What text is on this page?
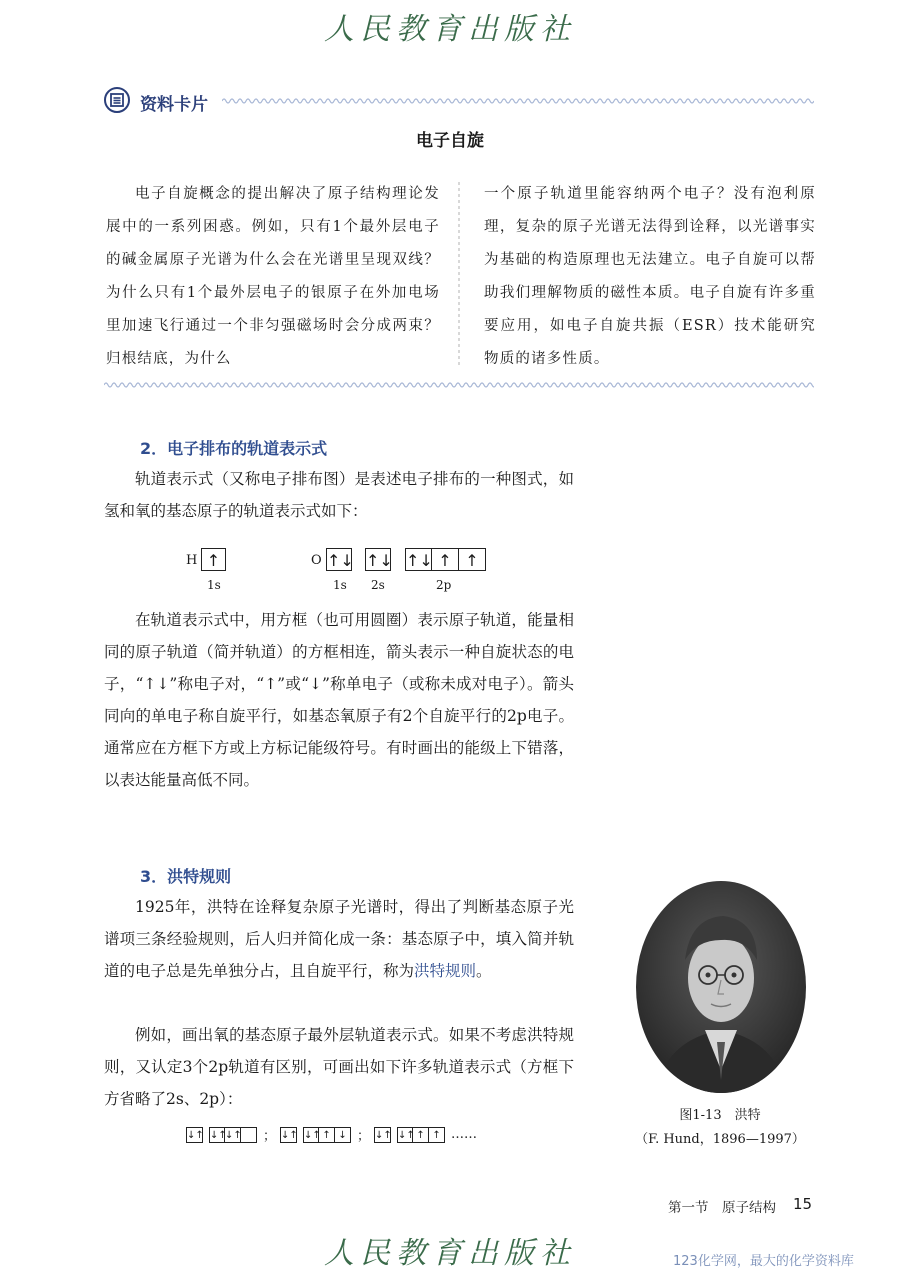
人民教育出版社
资料卡片
电子自旋
电子自旋概念的提出解决了原子结构理论发展中的一系列困惑。例如，只有1个最外层电子的碱金属原子光谱为什么会在光谱里呈现双线？为什么只有1个最外层电子的银原子在外加电场里加速飞行通过一个非匀强磁场时会分成两束？归根结底，为什么
一个原子轨道里能容纳两个电子？没有泡利原理，复杂的原子光谱无法得到诠释，以光谱事实为基础的构造原理也无法建立。电子自旋可以帮助我们理解物质的磁性本质。电子自旋有许多重要应用，如电子自旋共振（ESR）技术能研究物质的诸多性质。
2．电子排布的轨道表示式
轨道表示式（又称电子排布图）是表述电子排布的一种图式，如氢和氧的基态原子的轨道表示式如下：
H ↑
1s
O ↑↓
1s
↑↓
2s
↑↓ ↑ ↑
2p
在轨道表示式中，用方框（也可用圆圈）表示原子轨道，能量相同的原子轨道（简并轨道）的方框相连，箭头表示一种自旋状态的电子，“↑↓”称电子对，“↑”或“↓”称单电子（或称未成对电子）。箭头同向的单电子称自旋平行，如基态氧原子有2个自旋平行的2p电子。通常应在方框下方或上方标记能级符号。有时画出的能级上下错落，以表达能量高低不同。
3．洪特规则
1925年，洪特在诠释复杂原子光谱时，得出了判断基态原子光谱项三条经验规则，后人归并简化成一条：基态原子中，填入简并轨道的电子总是先单独分占，且自旋平行，称为洪特规则。
例如，画出氧的基态原子最外层轨道表示式。如果不考虑洪特规则，又认定3个2p轨道有区别，可画出如下许多轨道表示式（方框下方省略了2s、2p）：
↓↑ ↓↑
↓↑ ； ↓↑ ↓↑ ↑ ↓ ； ↓↑ ↓↑ ↑ ↑ ……
图1-13　洪特
（F. Hund，1896—1997）
第一节　原子结构 15
人民教育出版社	123化学网，最大的化学资料库
